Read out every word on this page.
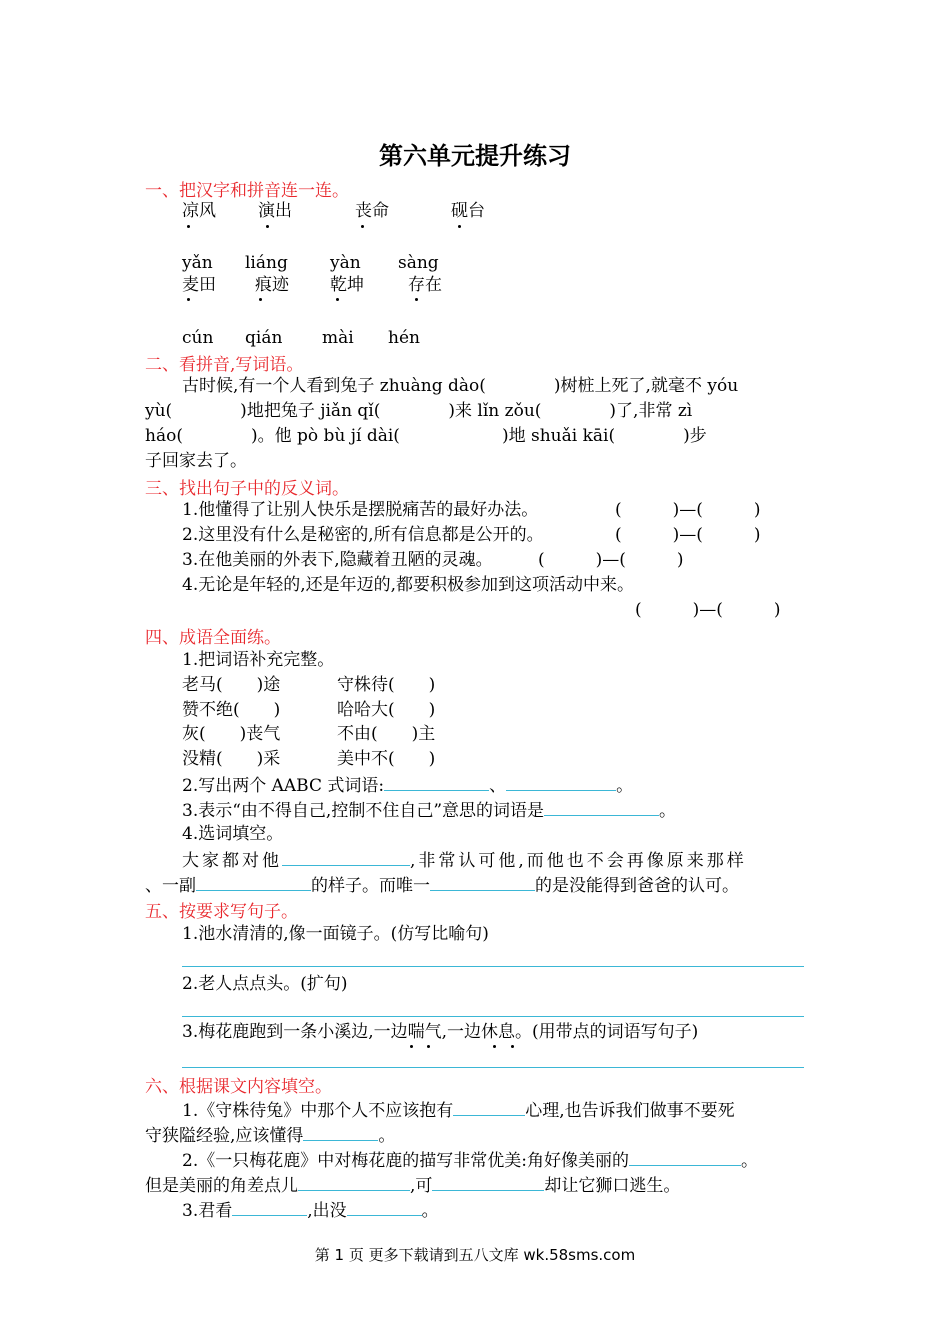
第六单元提升练习
一、把汉字和拼音连一连。
凉风 演出	丧命	砚台
yǎn liáng yàn sàng
麦田 痕迹 乾坤	存在
cún qián mài hén
二、看拼音,写词语。
古时候,有一个人看到兔子 zhuàng dào(　　　　)树桩上死了,就毫不 yóu
yù(　　　　)地把兔子 jiǎn qǐ(　　　　)来 lǐn zǒu(　　　　)了,非常 zì
háo(　　　　)。他 pò bù jí dài(　　　　　　)地 shuǎi kāi(　　　　)步
子回家去了。
三、找出句子中的反义词。
1.他懂得了让别人快乐是摆脱痛苦的最好办法。	(　　　)—(　　　)
2.这里没有什么是秘密的,所有信息都是公开的。	(　　　)—(　　　)
3.在他美丽的外表下,隐藏着丑陋的灵魂。	(　　　)—(　　　)
4.无论是年轻的,还是年迈的,都要积极参加到这项活动中来。
(　　　)—(　　　)
四、成语全面练。
1.把词语补充完整。
老马(　　)途	守株待(　　)
赞不绝(　　)	哈哈大(　　)
灰(　　)丧气	不由(　　)主
没精(　　)采	美中不(　　)
2.写出两个 AABC 式词语:	、	。
3.表示“由不得自己,控制不住自己”意思的词语是	。
4.选词填空。
大家都对他	,非常认可他,而他也不会再像原来那样
、一副	的样子。而唯一	的是没能得到爸爸的认可。
五、按要求写句子。
1.池水清清的,像一面镜子。(仿写比喻句)
2.老人点点头。(扩句)
3.梅花鹿跑到一条小溪边,一边喘气,一边休息。(用带点的词语写句子)
六、根据课文内容填空。
1.《守株待兔》中那个人不应该抱有	心理,也告诉我们做事不要死
守狭隘经验,应该懂得	。
2.《一只梅花鹿》中对梅花鹿的描写非常优美:角好像美丽的	。
但是美丽的角差点儿	,可	却让它狮口逃生。
3.君看	,出没	。
第 1 页 更多下载请到五八文库 wk.58sms.com
